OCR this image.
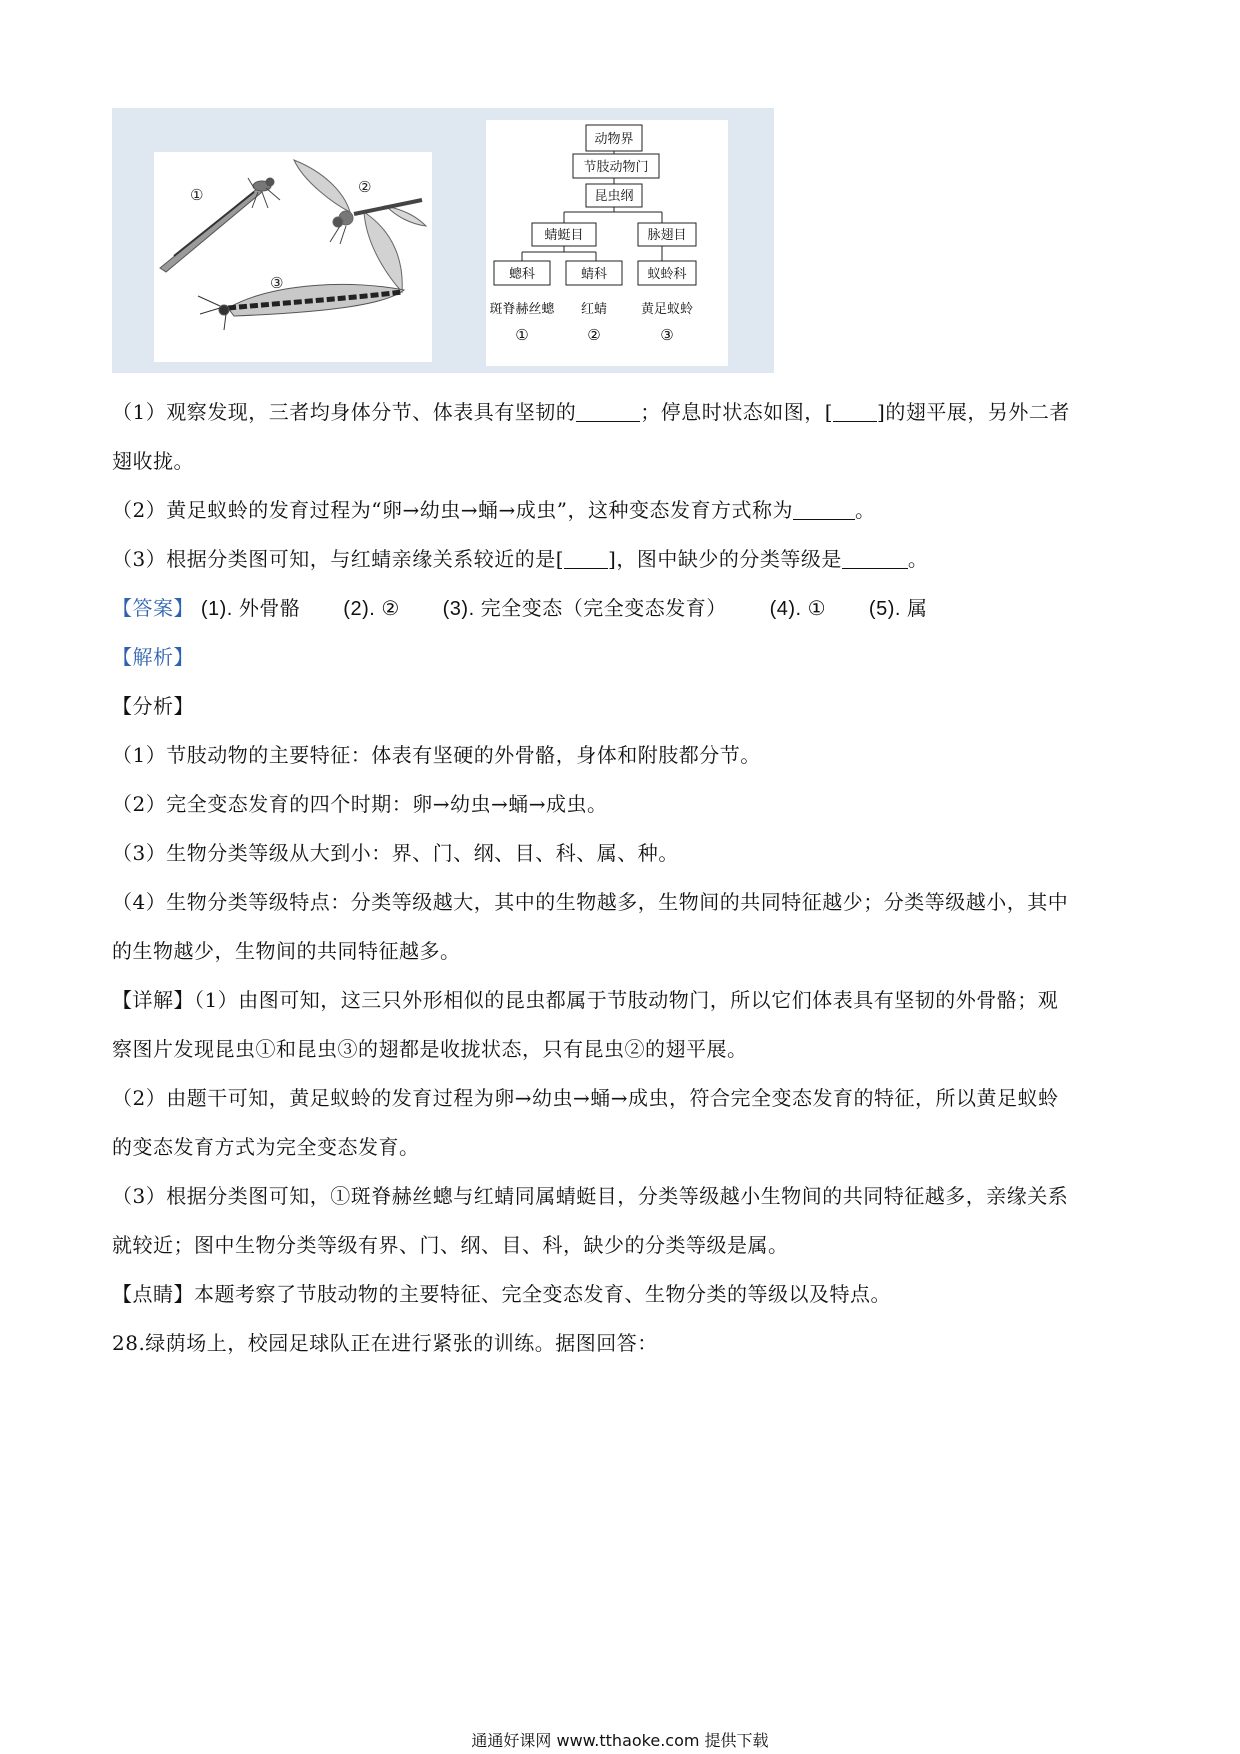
①	②
③
动物界
节肢动物门
昆虫纲
蜻蜓目	脉翅目
蟌科	蜻科	蚁蛉科
斑脊赫丝蟌 红蜻	黄足蚁蛉
①	②	③
（1）观察发现，三者均身体分节、体表具有坚韧的	；停息时状态如图，[ ]的翅平展，另外二者
翅收拢。
（2）黄足蚁蛉的发育过程为“卵→幼虫→蛹→成虫”，这种变态发育方式称为	。
（3）根据分类图可知，与红蜻亲缘关系较近的是[ ]，图中缺少的分类等级是	。
【答案】 (1). 外骨骼 (2). ② (3). 完全变态（完全变态发育） (4). ① (5). 属
【解析】
【分析】
（1）节肢动物的主要特征：体表有坚硬的外骨骼，身体和附肢都分节。
（2）完全变态发育的四个时期：卵→幼虫→蛹→成虫。
（3）生物分类等级从大到小：界、门、纲、目、科、属、种。
（4）生物分类等级特点：分类等级越大，其中的生物越多，生物间的共同特征越少；分类等级越小，其中
的生物越少，生物间的共同特征越多。
【详解】（1）由图可知，这三只外形相似的昆虫都属于节肢动物门，所以它们体表具有坚韧的外骨骼；观
察图片发现昆虫①和昆虫③的翅都是收拢状态，只有昆虫②的翅平展。
（2）由题干可知，黄足蚁蛉的发育过程为卵→幼虫→蛹→成虫，符合完全变态发育的特征，所以黄足蚁蛉
的变态发育方式为完全变态发育。
（3）根据分类图可知，①斑脊赫丝蟌与红蜻同属蜻蜓目，分类等级越小生物间的共同特征越多，亲缘关系
就较近；图中生物分类等级有界、门、纲、目、科，缺少的分类等级是属。
【点睛】本题考察了节肢动物的主要特征、完全变态发育、生物分类的等级以及特点。
28.绿荫场上，校园足球队正在进行紧张的训练。据图回答：
通通好课网 www.tthaoke.com 提供下载
